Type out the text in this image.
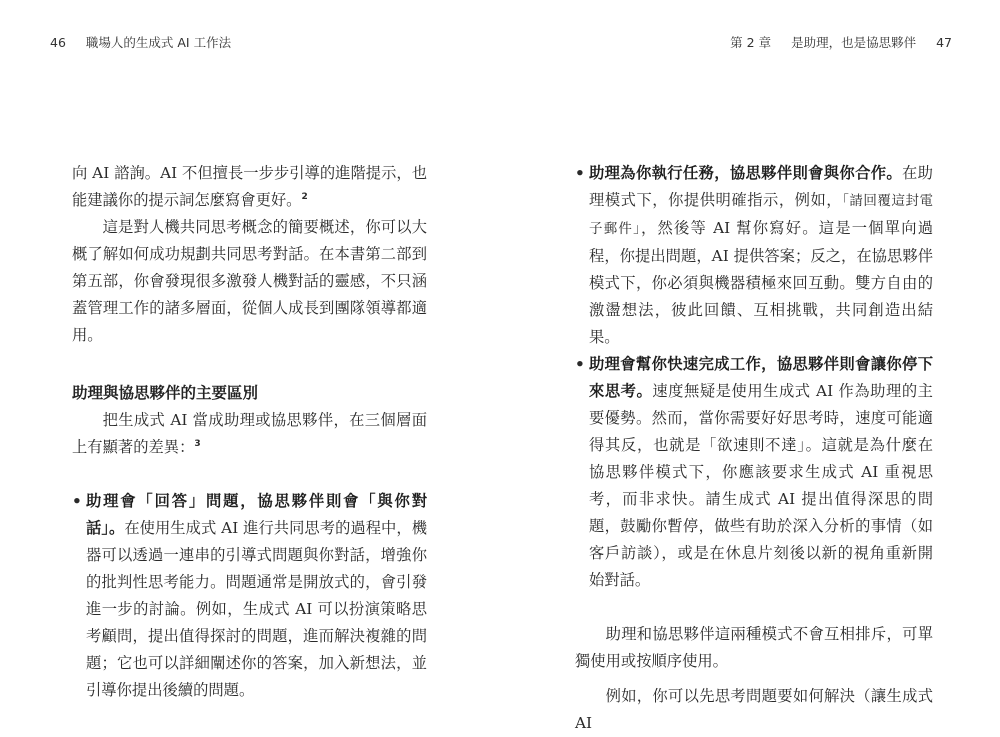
46 職場人的生成式 AI 工作法	第 2 章 是助理，也是協思夥伴 47

向 AI 諮詢。AI 不但擅長一步步引導的進階提示，也能建議你的提示詞怎麼寫會更好。$^2$

這是對人機共同思考概念的簡要概述，你可以大概了解如何成功規劃共同思考對話。在本書第二部到第五部，你會發現很多激發人機對話的靈感，不只涵蓋管理工作的諸多層面，從個人成長到團隊領導都適用。

助理與協思夥伴的主要區別

把生成式 AI 當成助理或協思夥伴，在三個層面上有顯著的差異：$^3$

• 助理會「回答」問題，協思夥伴則會「與你對話」。在使用生成式 AI 進行共同思考的過程中，機器可以透過一連串的引導式問題與你對話，增強你的批判性思考能力。問題通常是開放式的，會引發進一步的討論。例如，生成式 AI 可以扮演策略思考顧問，提出值得探討的問題，進而解決複雜的問題；它也可以詳細闡述你的答案，加入新想法，並引導你提出後續的問題。

• 助理為你執行任務，協思夥伴則會與你合作。在助理模式下，你提供明確指示，例如，「請回覆這封電子郵件」，然後等 AI 幫你寫好。這是一個單向過程，你提出問題，AI 提供答案；反之，在協思夥伴模式下，你必須與機器積極來回互動。雙方自由的激盪想法，彼此回饋、互相挑戰，共同創造出結果。

• 助理會幫你快速完成工作，協思夥伴則會讓你停下來思考。速度無疑是使用生成式 AI 作為助理的主要優勢。然而，當你需要好好思考時，速度可能適得其反，也就是「欲速則不達」。這就是為什麼在協思夥伴模式下，你應該要求生成式 AI 重視思考，而非求快。請生成式 AI 提出值得深思的問題，鼓勵你暫停，做些有助於深入分析的事情（如客戶訪談），或是在休息片刻後以新的視角重新開始對話。

助理和協思夥伴這兩種模式不會互相排斥，可單獨使用或按順序使用。

例如，你可以先思考問題要如何解決（讓生成式 AI
